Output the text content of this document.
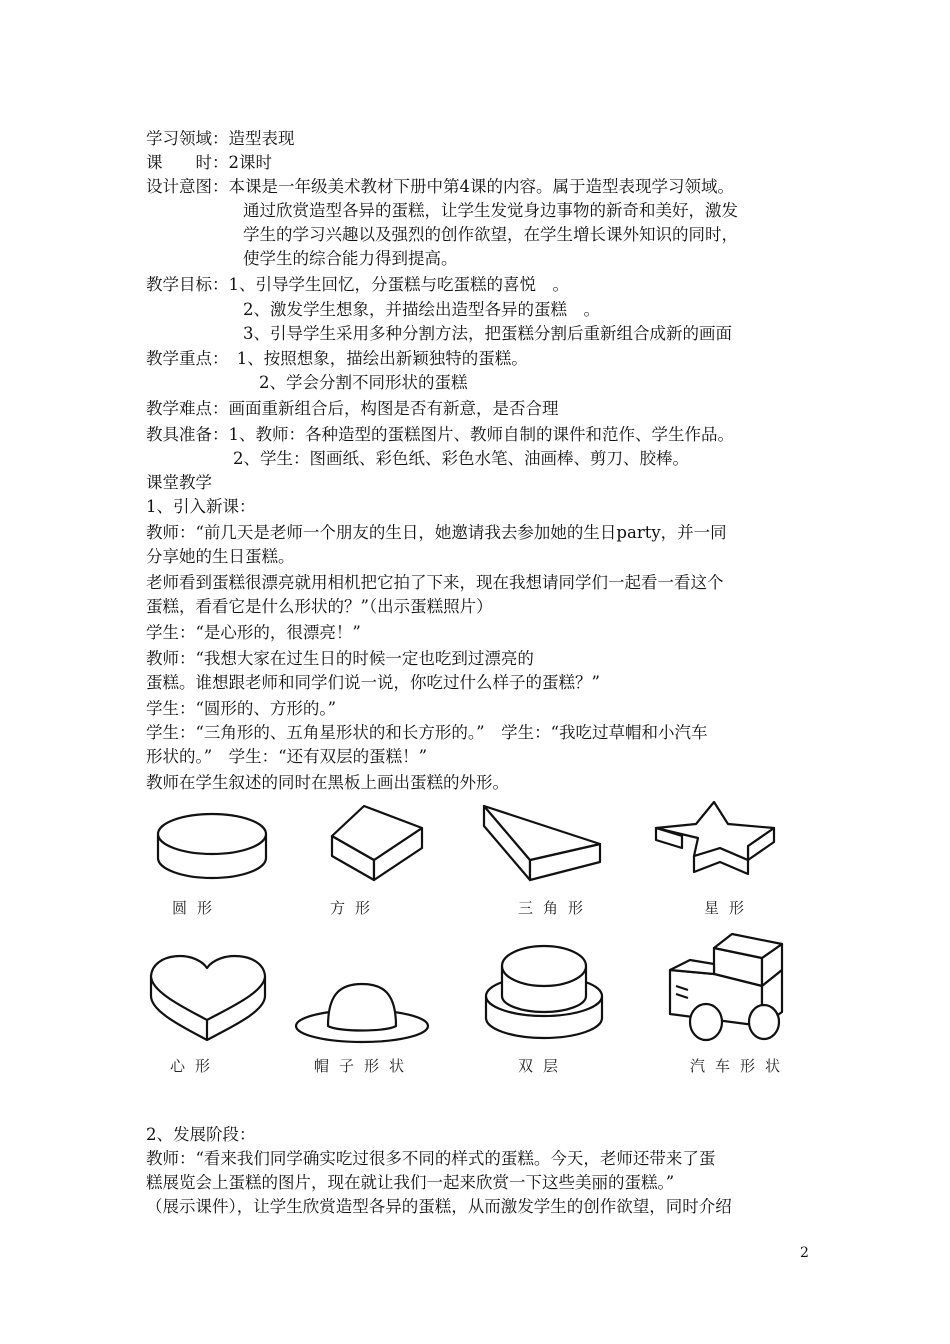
学习领域：造型表现
课　　时：2课时
设计意图：本课是一年级美术教材下册中第4课的内容。属于造型表现学习领域。
通过欣赏造型各异的蛋糕，让学生发觉身边事物的新奇和美好，激发
学生的学习兴趣以及强烈的创作欲望，在学生增长课外知识的同时，
使学生的综合能力得到提高。
教学目标：1、引导学生回忆，分蛋糕与吃蛋糕的喜悦　。
2、激发学生想象，并描绘出造型各异的蛋糕　。
3、引导学生采用多种分割方法，把蛋糕分割后重新组合成新的画面
教学重点：　1、按照想象，描绘出新颖独特的蛋糕。
2、学会分割不同形状的蛋糕
教学难点：画面重新组合后，构图是否有新意，是否合理
教具准备：1、教师：各种造型的蛋糕图片、教师自制的课件和范作、学生作品。
2、学生：图画纸、彩色纸、彩色水笔、油画棒、剪刀、胶棒。
课堂教学
1、引入新课：
教师：“前几天是老师一个朋友的生日，她邀请我去参加她的生日party，并一同
分享她的生日蛋糕。
老师看到蛋糕很漂亮就用相机把它拍了下来，现在我想请同学们一起看一看这个
蛋糕，看看它是什么形状的？”（出示蛋糕照片）
学生：“是心形的，很漂亮！”
教师：“我想大家在过生日的时候一定也吃到过漂亮的
蛋糕。谁想跟老师和同学们说一说，你吃过什么样子的蛋糕？”
学生：“圆形的、方形的。”
学生：“三角形的、五角星形状的和长方形的。”　学生：“我吃过草帽和小汽车
形状的。”　学生：“还有双层的蛋糕！”
教师在学生叙述的同时在黑板上画出蛋糕的外形。
圆形	方形	三角形	星形
心形	帽子形状	双层	汽车形状
2、发展阶段：
教师：“看来我们同学确实吃过很多不同的样式的蛋糕。今天，老师还带来了蛋
糕展览会上蛋糕的图片，现在就让我们一起来欣赏一下这些美丽的蛋糕。”
（展示课件），让学生欣赏造型各异的蛋糕，从而激发学生的创作欲望，同时介绍
2
